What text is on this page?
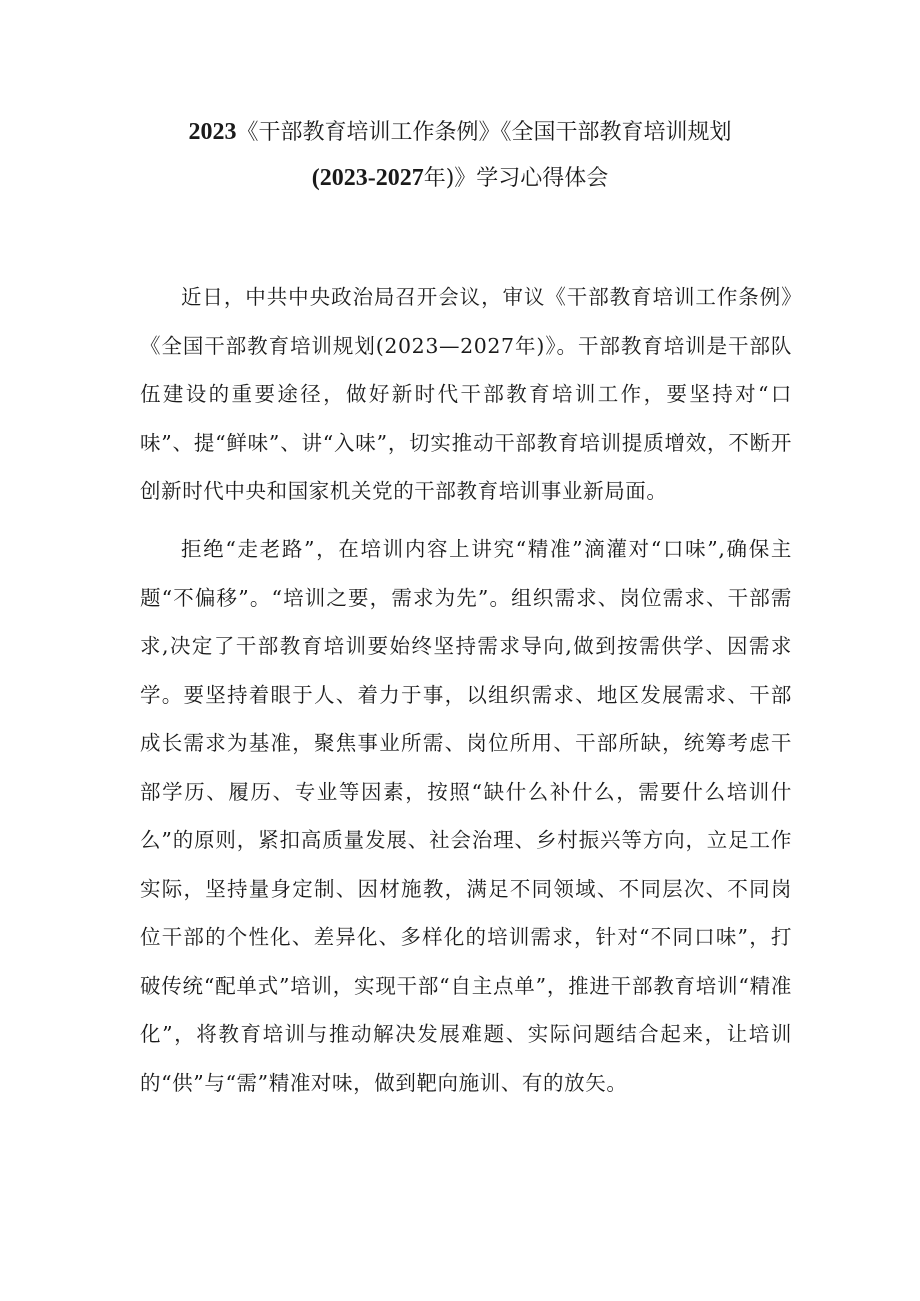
2023《干部教育培训工作条例》《全国干部教育培训规划
(2023-2027年)》学习心得体会

近日，中共中央政治局召开会议，审议《干部教育培训工作条例》《全国干部教育培训规划(2023—2027年)》。干部教育培训是干部队伍建设的重要途径，做好新时代干部教育培训工作，要坚持对“口味”、提“鲜味”、讲“入味”，切实推动干部教育培训提质增效，不断开创新时代中央和国家机关党的干部教育培训事业新局面。

拒绝“走老路”，在培训内容上讲究“精准”滴灌对“口味”,确保主题“不偏移”。“培训之要，需求为先”。组织需求、岗位需求、干部需求,决定了干部教育培训要始终坚持需求导向,做到按需供学、因需求学。要坚持着眼于人、着力于事，以组织需求、地区发展需求、干部成长需求为基准，聚焦事业所需、岗位所用、干部所缺，统筹考虑干部学历、履历、专业等因素，按照“缺什么补什么，需要什么培训什么”的原则，紧扣高质量发展、社会治理、乡村振兴等方向，立足工作实际，坚持量身定制、因材施教，满足不同领域、不同层次、不同岗位干部的个性化、差异化、多样化的培训需求，针对“不同口味”，打破传统“配单式”培训，实现干部“自主点单”，推进干部教育培训“精准化”，将教育培训与推动解决发展难题、实际问题结合起来，让培训的“供”与“需”精准对味，做到靶向施训、有的放矢。
